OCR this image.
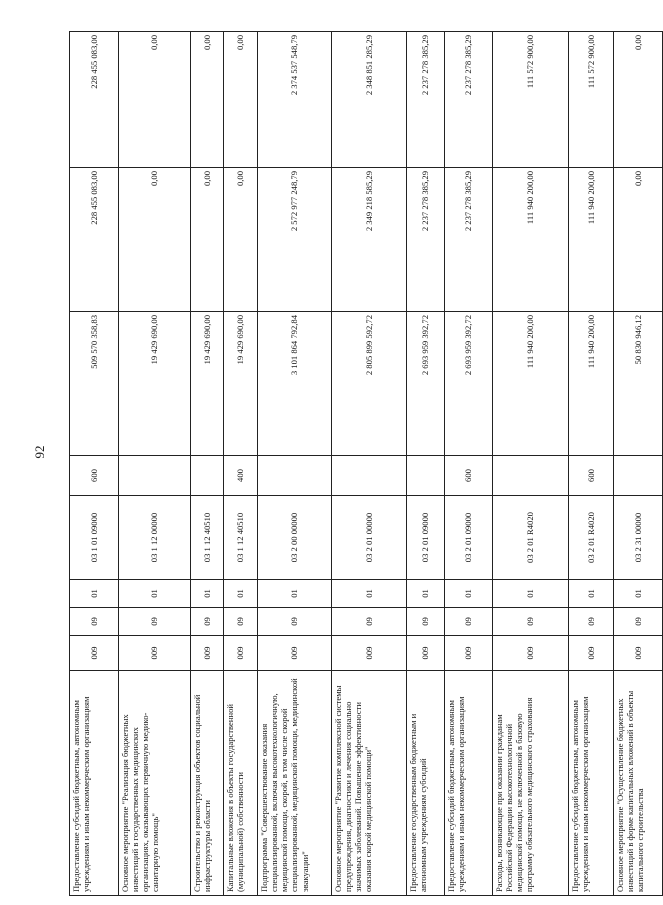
92
Предоставление субсидий бюджетным, автономным учреждениям и иным некоммерческим организациям	009	09	01	03 1 01 09000	600	509 570 358,83	228 455 083,00	228 455 083,00
Основное мероприятие "Реализация бюджетных инвестиций в государственных медицинских организациях, оказывающих первичную медико-санитарную помощь"	009	09	01	03 1 12 00000		19 429 690,00	0,00	0,00
Строительство и реконструкция объектов социальной инфраструктуры области	009	09	01	03 1 12 40510		19 429 690,00	0,00	0,00
Капитальные вложения в объекты государственной (муниципальной) собственности	009	09	01	03 1 12 40510	400	19 429 690,00	0,00	0,00
Подпрограмма "Совершенствование оказания специализированной, включая высокотехнологичную, медицинской помощи, скорой, в том числе скорой специализированной, медицинской помощи, медицинской эвакуации"	009	09	01	03 2 00 00000		3 101 864 792,84	2 572 977 248,79	2 374 537 548,79
Основное мероприятие "Развитие комплексной системы предупреждения, диагностики и лечения социально значимых заболеваний. Повышение эффективности оказания скорой медицинской помощи"	009	09	01	03 2 01 00000		2 805 899 592,72	2 349 218 585,29	2 348 851 285,29
Предоставление государственным бюджетным и автономным учреждениям субсидий	009	09	01	03 2 01 09000		2 693 959 392,72	2 237 278 385,29	2 237 278 385,29
Предоставление субсидий бюджетным, автономным учреждениям и иным некоммерческим организациям	009	09	01	03 2 01 09000	600	2 693 959 392,72	2 237 278 385,29	2 237 278 385,29
Расходы, возникающие при оказании гражданам Российской Федерации высокотехнологичной медицинской помощи, не включенной в базовую программу обязательного медицинского страхования	009	09	01	03 2 01 R4020		111 940 200,00	111 940 200,00	111 572 900,00
Предоставление субсидий бюджетным, автономным учреждениям и иным некоммерческим организациям	009	09	01	03 2 01 R4020	600	111 940 200,00	111 940 200,00	111 572 900,00
Основное мероприятие "Осуществление бюджетных инвестиций в форме капитальных вложений в объекты капитального строительства	009	09	01	03 2 31 00000		50 830 946,12	0,00	0,00
